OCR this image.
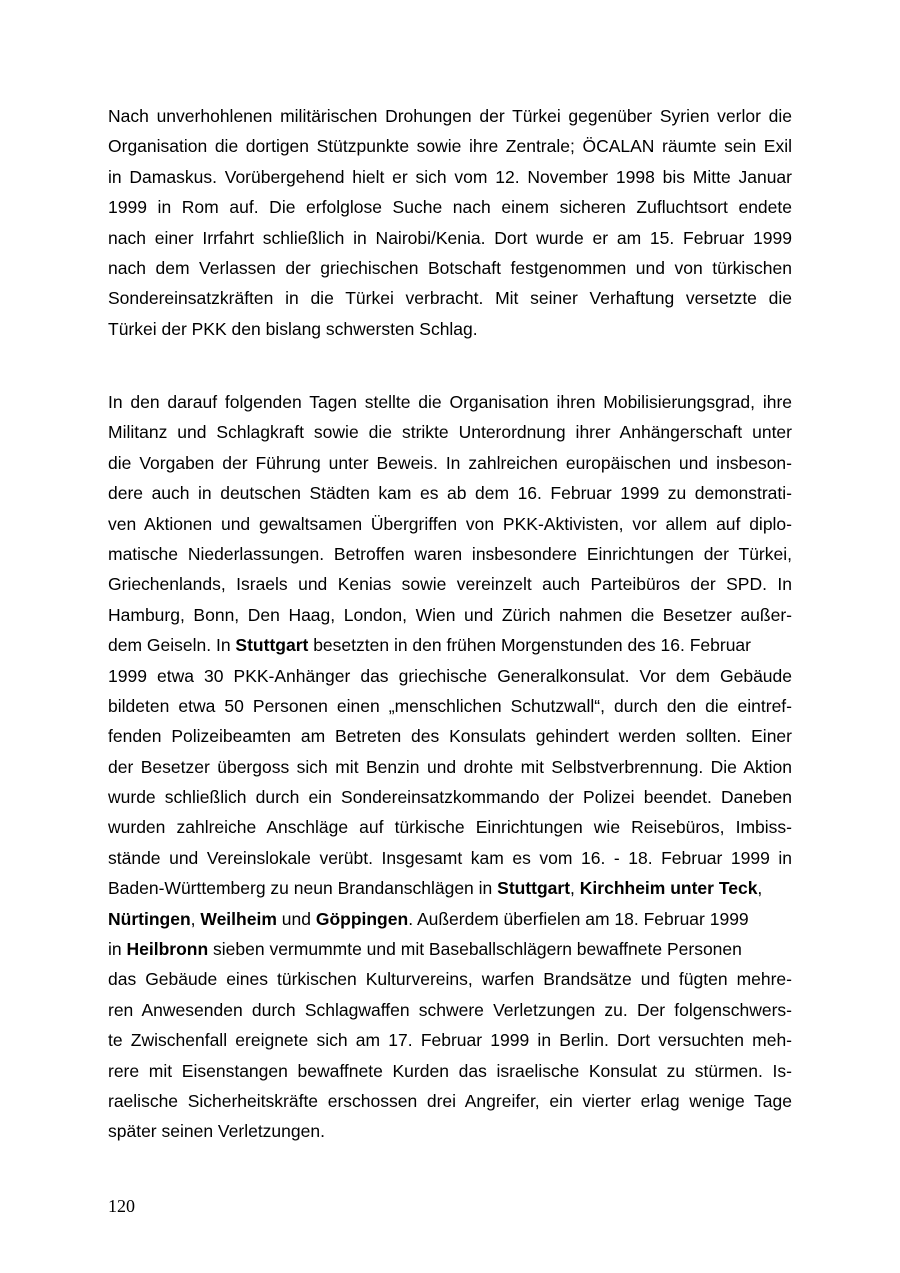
Nach unverhohlenen militärischen Drohungen der Türkei gegenüber Syrien verlor die
Organisation die dortigen Stützpunkte sowie ihre Zentrale; ÖCALAN räumte sein Exil
in Damaskus. Vorübergehend hielt er sich vom 12. November 1998 bis Mitte Januar
1999 in Rom auf. Die erfolglose Suche nach einem sicheren Zufluchtsort endete
nach einer Irrfahrt schließlich in Nairobi/Kenia. Dort wurde er am 15. Februar 1999
nach dem Verlassen der griechischen Botschaft festgenommen und von türkischen
Sondereinsatzkräften in die Türkei verbracht. Mit seiner Verhaftung versetzte die
Türkei der PKK den bislang schwersten Schlag.
In den darauf folgenden Tagen stellte die Organisation ihren Mobilisierungsgrad, ihre
Militanz und Schlagkraft sowie die strikte Unterordnung ihrer Anhängerschaft unter
die Vorgaben der Führung unter Beweis. In zahlreichen europäischen und insbeson-
dere auch in deutschen Städten kam es ab dem 16. Februar 1999 zu demonstrati-
ven Aktionen und gewaltsamen Übergriffen von PKK-Aktivisten, vor allem auf diplo-
matische Niederlassungen. Betroffen waren insbesondere Einrichtungen der Türkei,
Griechenlands, Israels und Kenias sowie vereinzelt auch Parteibüros der SPD. In
Hamburg, Bonn, Den Haag, London, Wien und Zürich nahmen die Besetzer außer-
dem Geiseln. In Stuttgart besetzten in den frühen Morgenstunden des 16. Februar
1999 etwa 30 PKK-Anhänger das griechische Generalkonsulat. Vor dem Gebäude
bildeten etwa 50 Personen einen „menschlichen Schutzwall“, durch den die eintref-
fenden Polizeibeamten am Betreten des Konsulats gehindert werden sollten. Einer
der Besetzer übergoss sich mit Benzin und drohte mit Selbstverbrennung. Die Aktion
wurde schließlich durch ein Sondereinsatzkommando der Polizei beendet. Daneben
wurden zahlreiche Anschläge auf türkische Einrichtungen wie Reisebüros, Imbiss-
stände und Vereinslokale verübt. Insgesamt kam es vom 16. - 18. Februar 1999 in
Baden-Württemberg zu neun Brandanschlägen in Stuttgart, Kirchheim unter Teck,
Nürtingen, Weilheim und Göppingen. Außerdem überfielen am 18. Februar 1999
in Heilbronn sieben vermummte und mit Baseballschlägern bewaffnete Personen
das Gebäude eines türkischen Kulturvereins, warfen Brandsätze und fügten mehre-
ren Anwesenden durch Schlagwaffen schwere Verletzungen zu. Der folgenschwers-
te Zwischenfall ereignete sich am 17. Februar 1999 in Berlin. Dort versuchten meh-
rere mit Eisenstangen bewaffnete Kurden das israelische Konsulat zu stürmen. Is-
raelische Sicherheitskräfte erschossen drei Angreifer, ein vierter erlag wenige Tage
später seinen Verletzungen.
120
